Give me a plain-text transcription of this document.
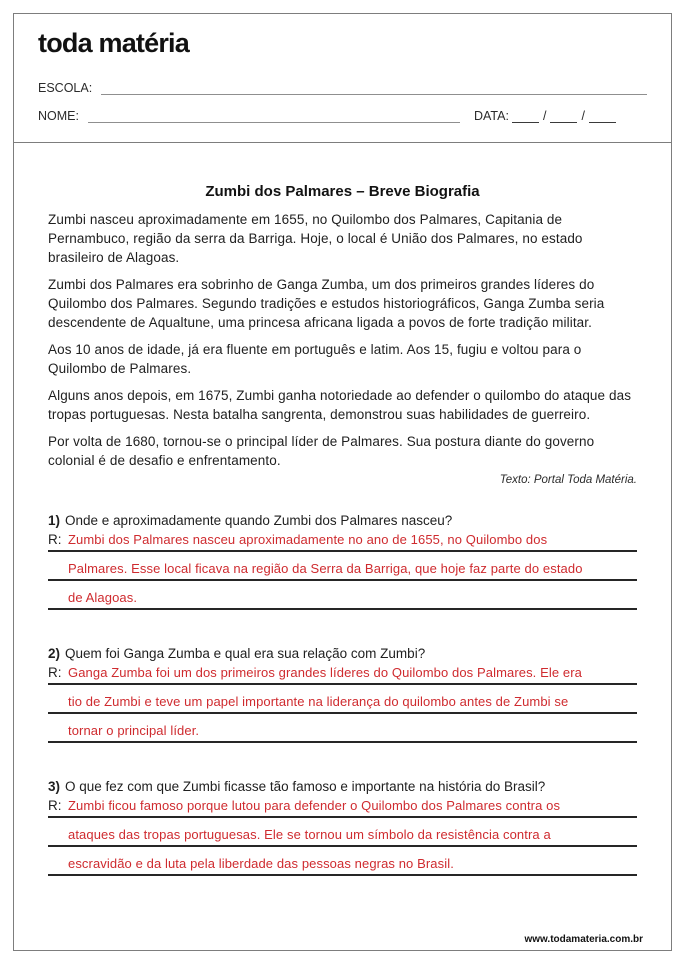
toda matéria
ESCOLA:
NOME:	DATA:	/	/
Zumbi dos Palmares – Breve Biografia

Zumbi nasceu aproximadamente em 1655, no Quilombo dos Palmares, Capitania de Pernambuco, região da serra da Barriga. Hoje, o local é União dos Palmares, no estado brasileiro de Alagoas.

Zumbi dos Palmares era sobrinho de Ganga Zumba, um dos primeiros grandes líderes do Quilombo dos Palmares. Segundo tradições e estudos historiográficos, Ganga Zumba seria descendente de Aqualtune, uma princesa africana ligada a povos de forte tradição militar.

Aos 10 anos de idade, já era fluente em português e latim. Aos 15, fugiu e voltou para o Quilombo de Palmares.

Alguns anos depois, em 1675, Zumbi ganha notoriedade ao defender o quilombo do ataque das tropas portuguesas. Nesta batalha sangrenta, demonstrou suas habilidades de guerreiro.

Por volta de 1680, tornou-se o principal líder de Palmares. Sua postura diante do governo colonial é de desafio e enfrentamento.

Texto: Portal Toda Matéria.
1) Onde e aproximadamente quando Zumbi dos Palmares nasceu?
R: Zumbi dos Palmares nasceu aproximadamente no ano de 1655, no Quilombo dos
Palmares. Esse local ficava na região da Serra da Barriga, que hoje faz parte do estado
de Alagoas.
2) Quem foi Ganga Zumba e qual era sua relação com Zumbi?
R: Ganga Zumba foi um dos primeiros grandes líderes do Quilombo dos Palmares. Ele era
tio de Zumbi e teve um papel importante na liderança do quilombo antes de Zumbi se
tornar o principal líder.
3) O que fez com que Zumbi ficasse tão famoso e importante na história do Brasil?
R: Zumbi ficou famoso porque lutou para defender o Quilombo dos Palmares contra os
ataques das tropas portuguesas. Ele se tornou um símbolo da resistência contra a
escravidão e da luta pela liberdade das pessoas negras no Brasil.
www.todamateria.com.br
